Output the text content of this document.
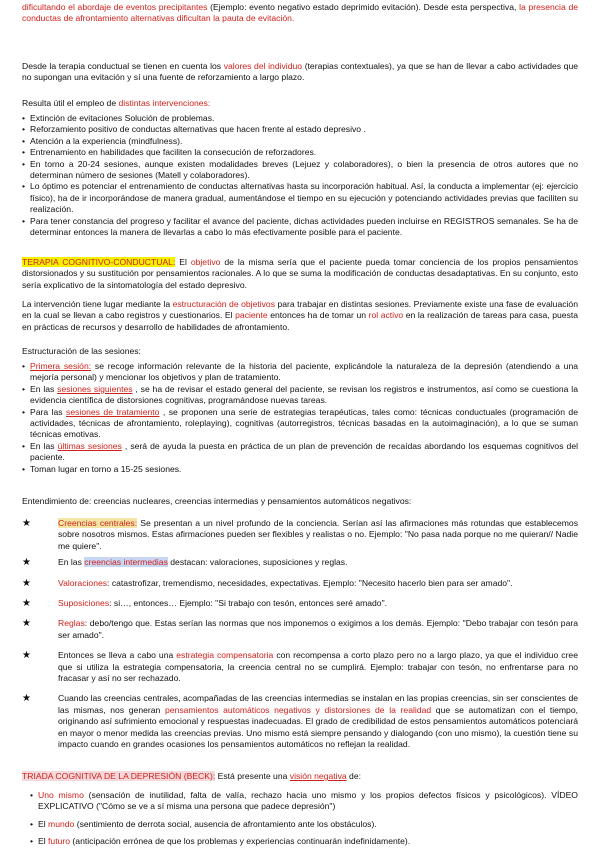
dificultando el abordaje de eventos precipitantes (Ejemplo: evento negativo estado deprimido evitación). Desde esta perspectiva, la presencia de conductas de afrontamiento alternativas dificultan la pauta de evitación.
Desde la terapia conductual se tienen en cuenta los valores del individuo (terapias contextuales), ya que se han de llevar a cabo actividades que no supongan una evitación y sí una fuente de reforzamiento a largo plazo.
Resulta útil el empleo de distintas intervenciones:
• Extinción de evitaciones Solución de problemas.
• Reforzamiento positivo de conductas alternativas que hacen frente al estado depresivo .
• Atención a la experiencia (mindfulness).
• Entrenamiento en habilidades que faciliten la consecución de reforzadores.
• En torno a 20-24 sesiones, aunque existen modalidades breves (Lejuez y colaboradores), o bien la presencia de otros autores que no determinan número de sesiones (Matell y colaboradores).
• Lo óptimo es potenciar el entrenamiento de conductas alternativas hasta su incorporación habitual. Así, la conducta a implementar (ej: ejercicio físico), ha de ir incorporándose de manera gradual, aumentándose el tiempo en su ejecución y potenciando actividades previas que faciliten su realización.
• Para tener constancia del progreso y facilitar el avance del paciente, dichas actividades pueden incluirse en REGISTROS semanales. Se ha de determinar entonces la manera de llevarlas a cabo lo más efectivamente posible para el paciente.
TERAPIA COGNITIVO-CONDUCTUAL: El objetivo de la misma sería que el paciente pueda tomar conciencia de los propios pensamientos distorsionados y su sustitución por pensamientos racionales. A lo que se suma la modificación de conductas desadaptativas. En su conjunto, esto sería explicativo de la sintomatología del estado depresivo.
La intervención tiene lugar mediante la estructuración de objetivos para trabajar en distintas sesiones. Previamente existe una fase de evaluación en la cual se llevan a cabo registros y cuestionarios. El paciente entonces ha de tomar un rol activo en la realización de tareas para casa, puesta en prácticas de recursos y desarrollo de habilidades de afrontamiento.
Estructuración de las sesiones:
• Primera sesión: se recoge información relevante de la historia del paciente, explicándole la naturaleza de la depresión (atendiendo a una mejoría personal) y mencionar los objetivos y plan de tratamiento.
• En las sesiones siguientes , se ha de revisar el estado general del paciente, se revisan los registros e instrumentos, así como se cuestiona la evidencia científica de distorsiones cognitivas, programándose nuevas tareas.
• Para las sesiones de tratamiento , se proponen una serie de estrategias terapéuticas, tales como: técnicas conductuales (programación de actividades, técnicas de afrontamiento, roleplaying), cognitivas (autorregistros, técnicas basadas en la autoimaginación), a lo que se suman técnicas emotivas.
• En las últimas sesiones , será de ayuda la puesta en práctica de un plan de prevención de recaídas abordando los esquemas cognitivos del paciente.
• Toman lugar en torno a 15-25 sesiones.
Entendimiento de: creencias nucleares, creencias intermedias y pensamientos automáticos negativos:
★	Creencias centrales: Se presentan a un nivel profundo de la conciencia. Serían así las afirmaciones más rotundas que establecemos sobre nosotros mismos. Estas afirmaciones pueden ser flexibles y realistas o no. Ejemplo: "No pasa nada porque no me quieran// Nadie me quiere".
★	En las creencias intermedias destacan: valoraciones, suposiciones y reglas.
★	Valoraciones: catastrofizar, tremendismo, necesidades, expectativas. Ejemplo: "Necesito hacerlo bien para ser amado".
★	Suposiciones: si…, entonces… Ejemplo: "Si trabajo con tesón, entonces seré amado".
★	Reglas: debo/tengo que. Estas serían las normas que nos imponemos o exigimos a los demás. Ejemplo: "Debo trabajar con tesón para ser amado".
★	Entonces se lleva a cabo una estrategia compensatoria con recompensa a corto plazo pero no a largo plazo, ya que el individuo cree que si utiliza la estrategia compensatoria, la creencia central no se cumplirá. Ejemplo: trabajar con tesón, no enfrentarse para no fracasar y así no ser rechazado.
★	Cuando las creencias centrales, acompañadas de las creencias intermedias se instalan en las propias creencias, sin ser conscientes de las mismas, nos generan pensamientos automáticos negativos y distorsiones de la realidad que se automatizan con el tiempo, originando así sufrimiento emocional y respuestas inadecuadas. El grado de credibilidad de estos pensamientos automáticos potenciará en mayor o menor medida las creencias previas. Uno mismo está siempre pensando y dialogando (con uno mismo), la cuestión tiene su impacto cuando en grandes ocasiones los pensamientos automáticos no reflejan la realidad.
TRIADA COGNITIVA DE LA DEPRESIÓN (BECK): Está presente una visión negativa de:
• Uno mismo (sensación de inutilidad, falta de valía, rechazo hacia uno mismo y los propios defectos físicos y psicológicos). VÍDEO EXPLICATIVO ("Cómo se ve a sí misma una persona que padece depresión")
• El mundo (sentimiento de derrota social, ausencia de afrontamiento ante los obstáculos).
• El futuro (anticipación errónea de que los problemas y experiencias continuarán indefinidamente).
